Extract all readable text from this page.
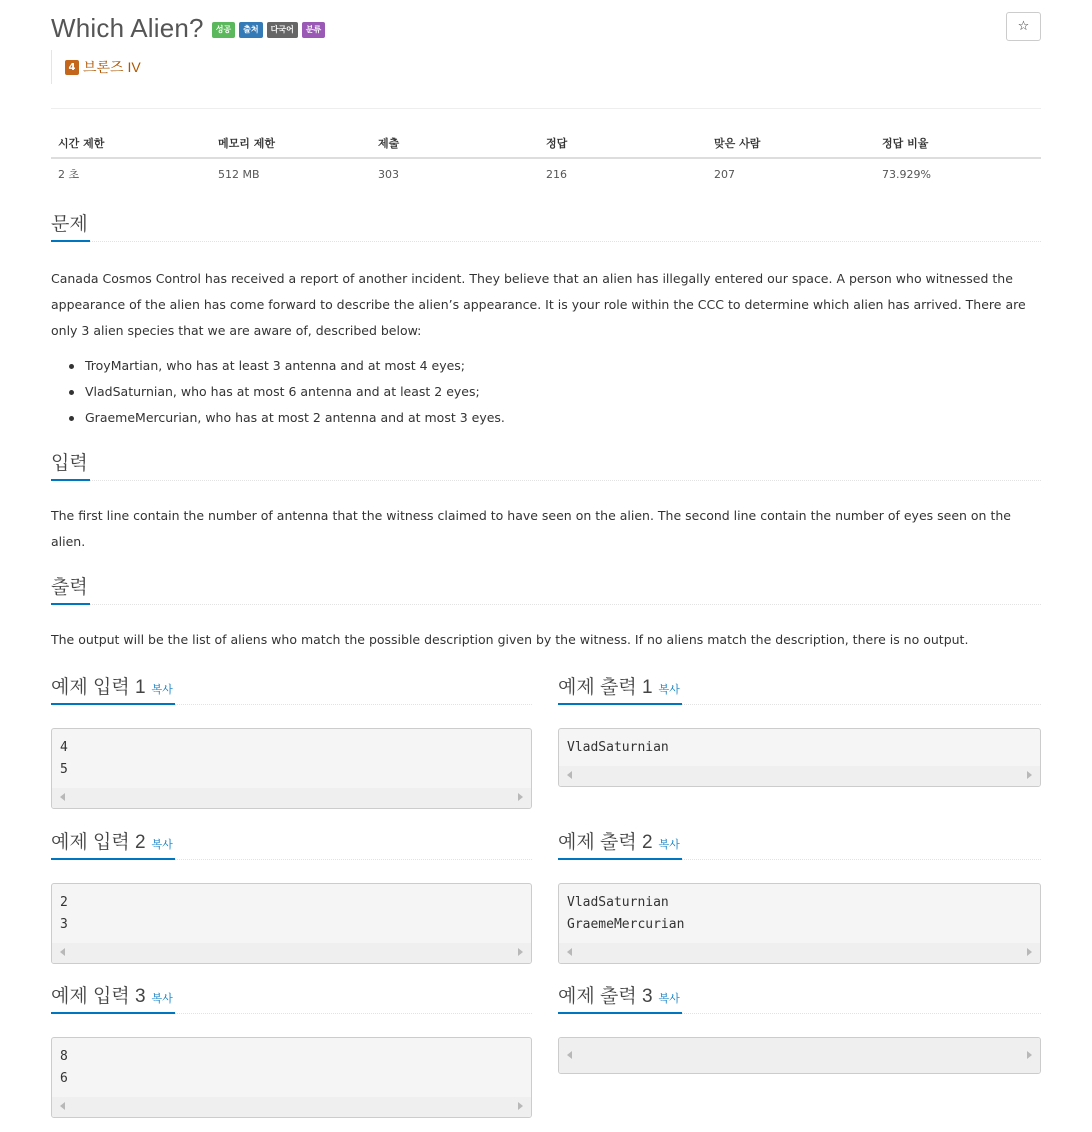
Which Alien?	성공	출처	다국어	분류	☆
4 브론즈 IV
시간 제한	메모리 제한	제출	정답	맞은 사람	정답 비율
2 초	512 MB	303	216	207	73.929%
문제

Canada Cosmos Control has received a report of another incident. They believe that an alien has illegally entered our space. A person who witnessed the appearance of the alien has come forward to describe the alien’s appearance. It is your role within the CCC to determine which alien has arrived. There are only 3 alien species that we are aware of, described below:

TroyMartian, who has at least 3 antenna and at most 4 eyes;
VladSaturnian, who has at most 6 antenna and at least 2 eyes;
GraemeMercurian, who has at most 2 antenna and at most 3 eyes.
입력

The first line contain the number of antenna that the witness claimed to have seen on the alien. The second line contain the number of eyes seen on the alien.

출력

The output will be the list of aliens who match the possible description given by the witness. If no aliens match the description, there is no output.

예제 입력 1 복사	예제 출력 1 복사
4
5
VladSaturnian
예제 입력 2 복사	예제 출력 2 복사
2
3
VladSaturnian
GraemeMercurian
예제 입력 3 복사	예제 출력 3 복사
8
6
